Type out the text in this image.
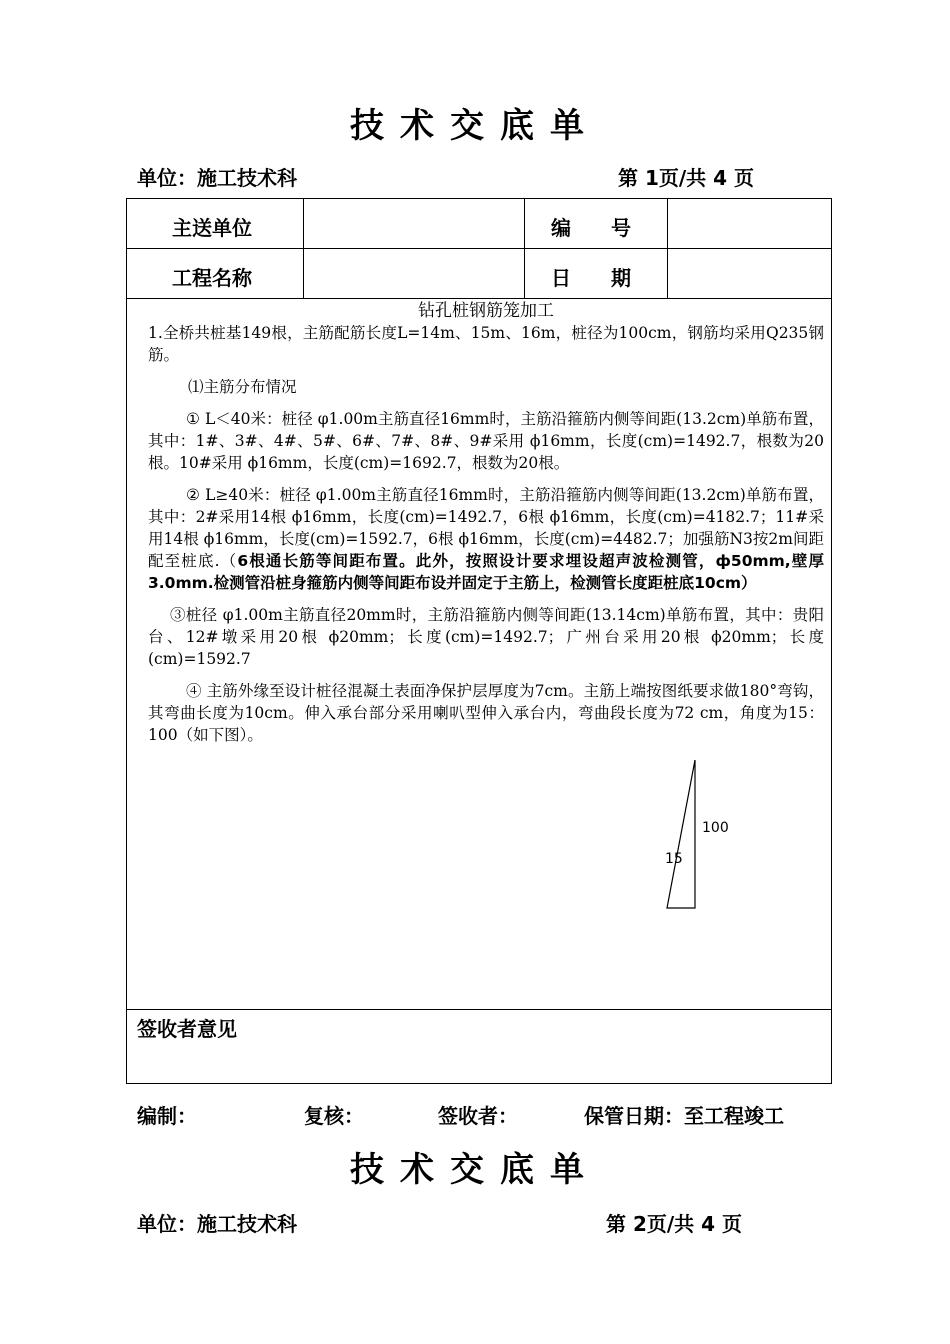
技术交底单
单位：施工技术科	第 1页/共 4 页
主送单位	编　　号
工程名称	日　　期

钻孔桩钢筋笼加工

1.全桥共桩基149根，主筋配筋长度L=14m、15m、16m，桩径为100cm，钢筋均采用Q235钢筋。

⑴主筋分布情况

① L＜40米：桩径 φ1.00m主筋直径16mm时，主筋沿箍筋内侧等间距(13.2cm)单筋布置，其中：1#、3#、4#、5#、6#、7#、8#、9#采用 ϕ16mm，长度(cm)=1492.7，根数为20根。10#采用 ϕ16mm，长度(cm)=1692.7，根数为20根。

② L≥40米：桩径 φ1.00m主筋直径16mm时，主筋沿箍筋内侧等间距(13.2cm)单筋布置，其中：2#采用14根 ϕ16mm，长度(cm)=1492.7，6根 ϕ16mm，长度(cm)=4182.7；11#采用14根 ϕ16mm，长度(cm)=1592.7，6根 ϕ16mm，长度(cm)=4482.7；加强筋N3按2m间距配至桩底.（6根通长筋等间距布置。此外，按照设计要求埋设超声波检测管，ф50mm,壁厚3.0mm.检测管沿桩身箍筋内侧等间距布设并固定于主筋上，检测管长度距桩底10cm）

③桩径 φ1.00m主筋直径20mm时，主筋沿箍筋内侧等间距(13.14cm)单筋布置，其中：贵阳台、12#墩采用20根 ϕ20mm；长度(cm)=1492.7；广州台采用20根 ϕ20mm；长度(cm)=1592.7

④ 主筋外缘至设计桩径混凝土表面净保护层厚度为7cm。主筋上端按图纸要求做180°弯钩，其弯曲长度为10cm。伸入承台部分采用喇叭型伸入承台内，弯曲段长度为72 cm，角度为15：100（如下图）。

100
15
签收者意见
编制：	复核：	签收者：	保管日期：至工程竣工
技术交底单
单位：施工技术科	第 2页/共 4 页
